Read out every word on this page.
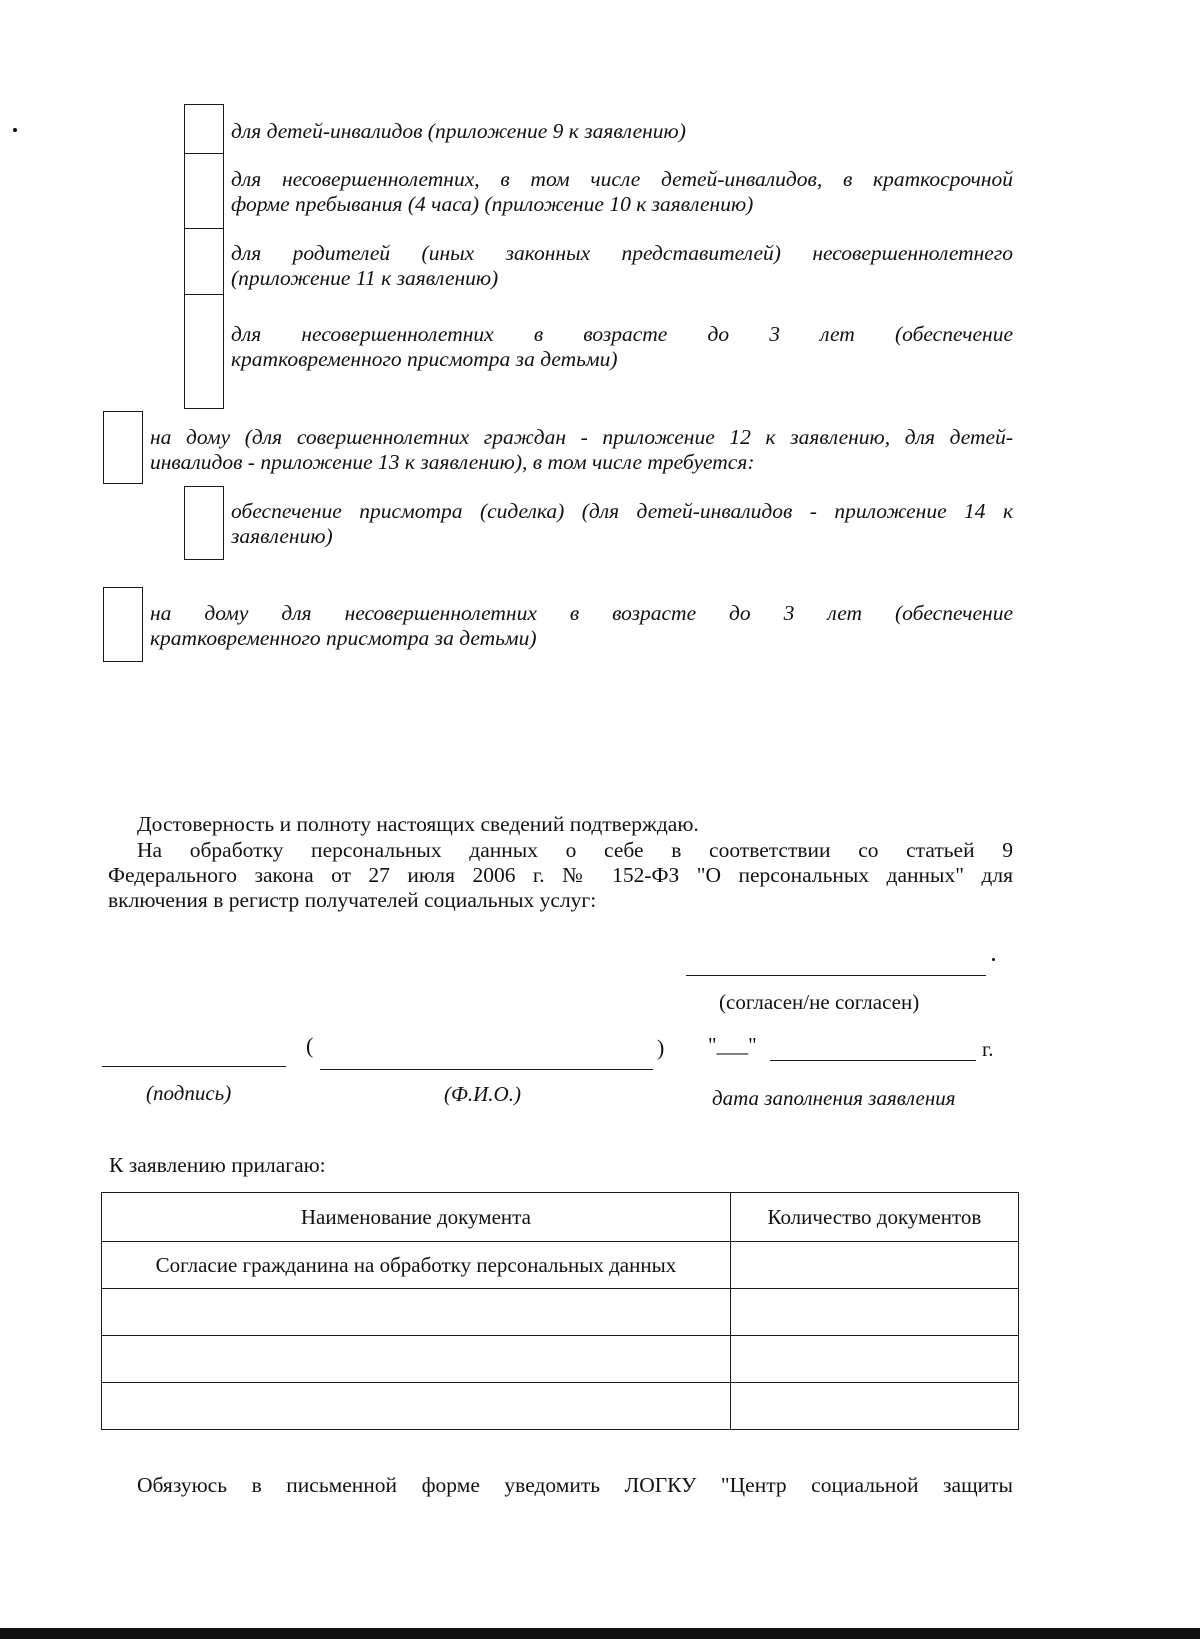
для детей-инвалидов (приложение 9 к заявлению)
для несовершеннолетних, в том числе детей-инвалидов, в краткосрочной
форме пребывания (4 часа) (приложение 10 к заявлению)
для родителей (иных законных представителей) несовершеннолетнего
(приложение 11 к заявлению)
для несовершеннолетних в возрасте до 3 лет (обеспечение
кратковременного присмотра за детьми)
на дому (для совершеннолетних граждан - приложение 12 к заявлению, для детей-
инвалидов - приложение 13 к заявлению), в том числе требуется:
обеспечение присмотра (сиделка) (для детей-инвалидов - приложение 14 к
заявлению)
на дому для несовершеннолетних в возрасте до 3 лет (обеспечение
кратковременного присмотра за детьми)
Достоверность и полноту настоящих сведений подтверждаю.
На обработку персональных данных о себе в соответствии со статьей 9
Федерального закона от 27 июля 2006 г. № 152-ФЗ "О персональных данных" для
включения в регистр получателей социальных услуг:
(согласен/не согласен)
(	) "___"	г.
(подпись)	(Ф.И.О.)	дата заполнения заявления
К заявлению прилагаю:
Наименование документа	Количество документов
Согласие гражданина на обработку персональных данных	

Обязуюсь в письменной форме уведомить ЛОГКУ "Центр социальной защиты
